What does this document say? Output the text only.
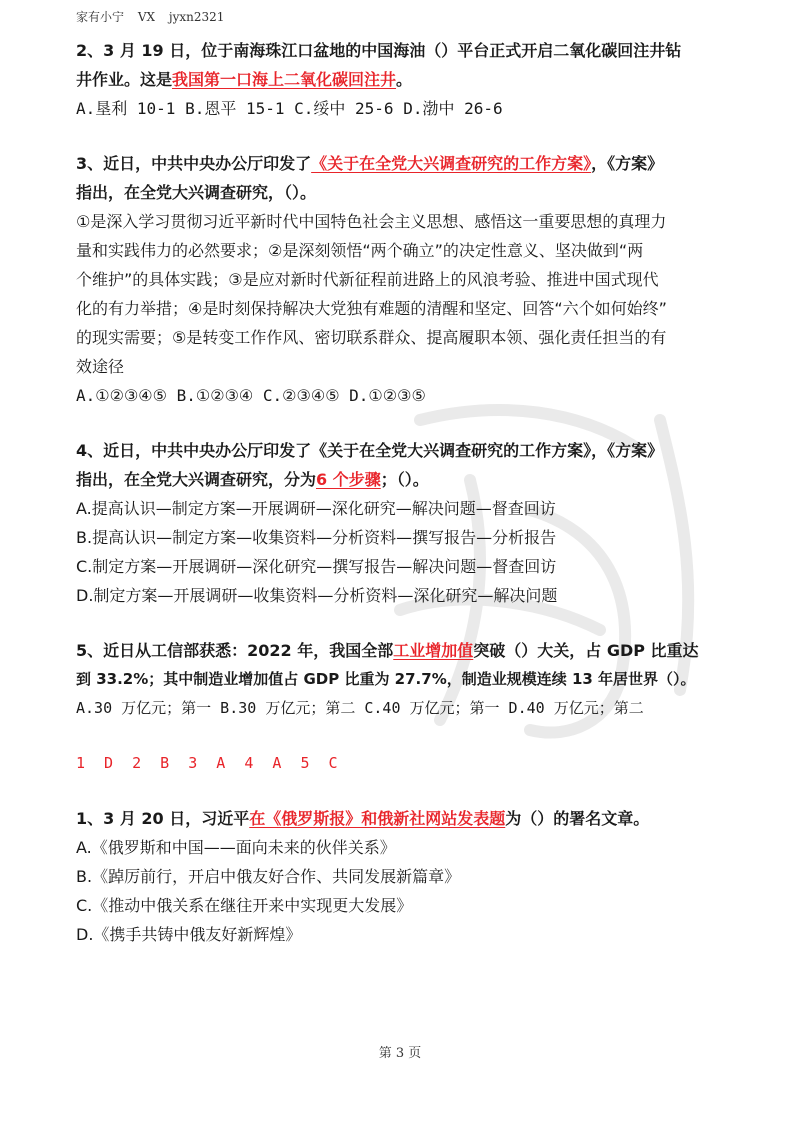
家有小宁 VX jyxn2321
2、3 月 19 日，位于南海珠江口盆地的中国海油（）平台正式开启二氧化碳回注井钻
井作业。这是我国第一口海上二氧化碳回注井。
A.垦利 10-1 B.恩平 15-1 C.绥中 25-6 D.渤中 26-6
3、近日，中共中央办公厅印发了《关于在全党大兴调查研究的工作方案》，《方案》
指出，在全党大兴调查研究，（）。
①是深入学习贯彻习近平新时代中国特色社会主义思想、感悟这一重要思想的真理力
量和实践伟力的必然要求；②是深刻领悟“两个确立”的决定性意义、坚决做到“两
个维护”的具体实践；③是应对新时代新征程前进路上的风浪考验、推进中国式现代
化的有力举措；④是时刻保持解决大党独有难题的清醒和坚定、回答“六个如何始终”
的现实需要；⑤是转变工作作风、密切联系群众、提高履职本领、强化责任担当的有
效途径
A.①②③④⑤ B.①②③④ C.②③④⑤ D.①②③⑤
4、近日，中共中央办公厅印发了《关于在全党大兴调查研究的工作方案》，《方案》
指出，在全党大兴调查研究，分为6 个步骤；（）。
A.提高认识—制定方案—开展调研—深化研究—解决问题—督查回访
B.提高认识—制定方案—收集资料—分析资料—撰写报告—分析报告
C.制定方案—开展调研—深化研究—撰写报告—解决问题—督查回访
D.制定方案—开展调研—收集资料—分析资料—深化研究—解决问题
5、近日从工信部获悉：2022 年，我国全部工业增加值突破（）大关，占 GDP 比重达
到 33.2%；其中制造业增加值占 GDP 比重为 27.7%，制造业规模连续 13 年居世界（）。
A.30 万亿元；第一 B.30 万亿元；第二 C.40 万亿元；第一 D.40 万亿元；第二
1 D 2 B 3 A 4 A 5 C
1、3 月 20 日，习近平在《俄罗斯报》和俄新社网站发表题为（）的署名文章。
A.《俄罗斯和中国——面向未来的伙伴关系》
B.《踔厉前行，开启中俄友好合作、共同发展新篇章》
C.《推动中俄关系在继往开来中实现更大发展》
D.《携手共铸中俄友好新辉煌》
第 3 页
